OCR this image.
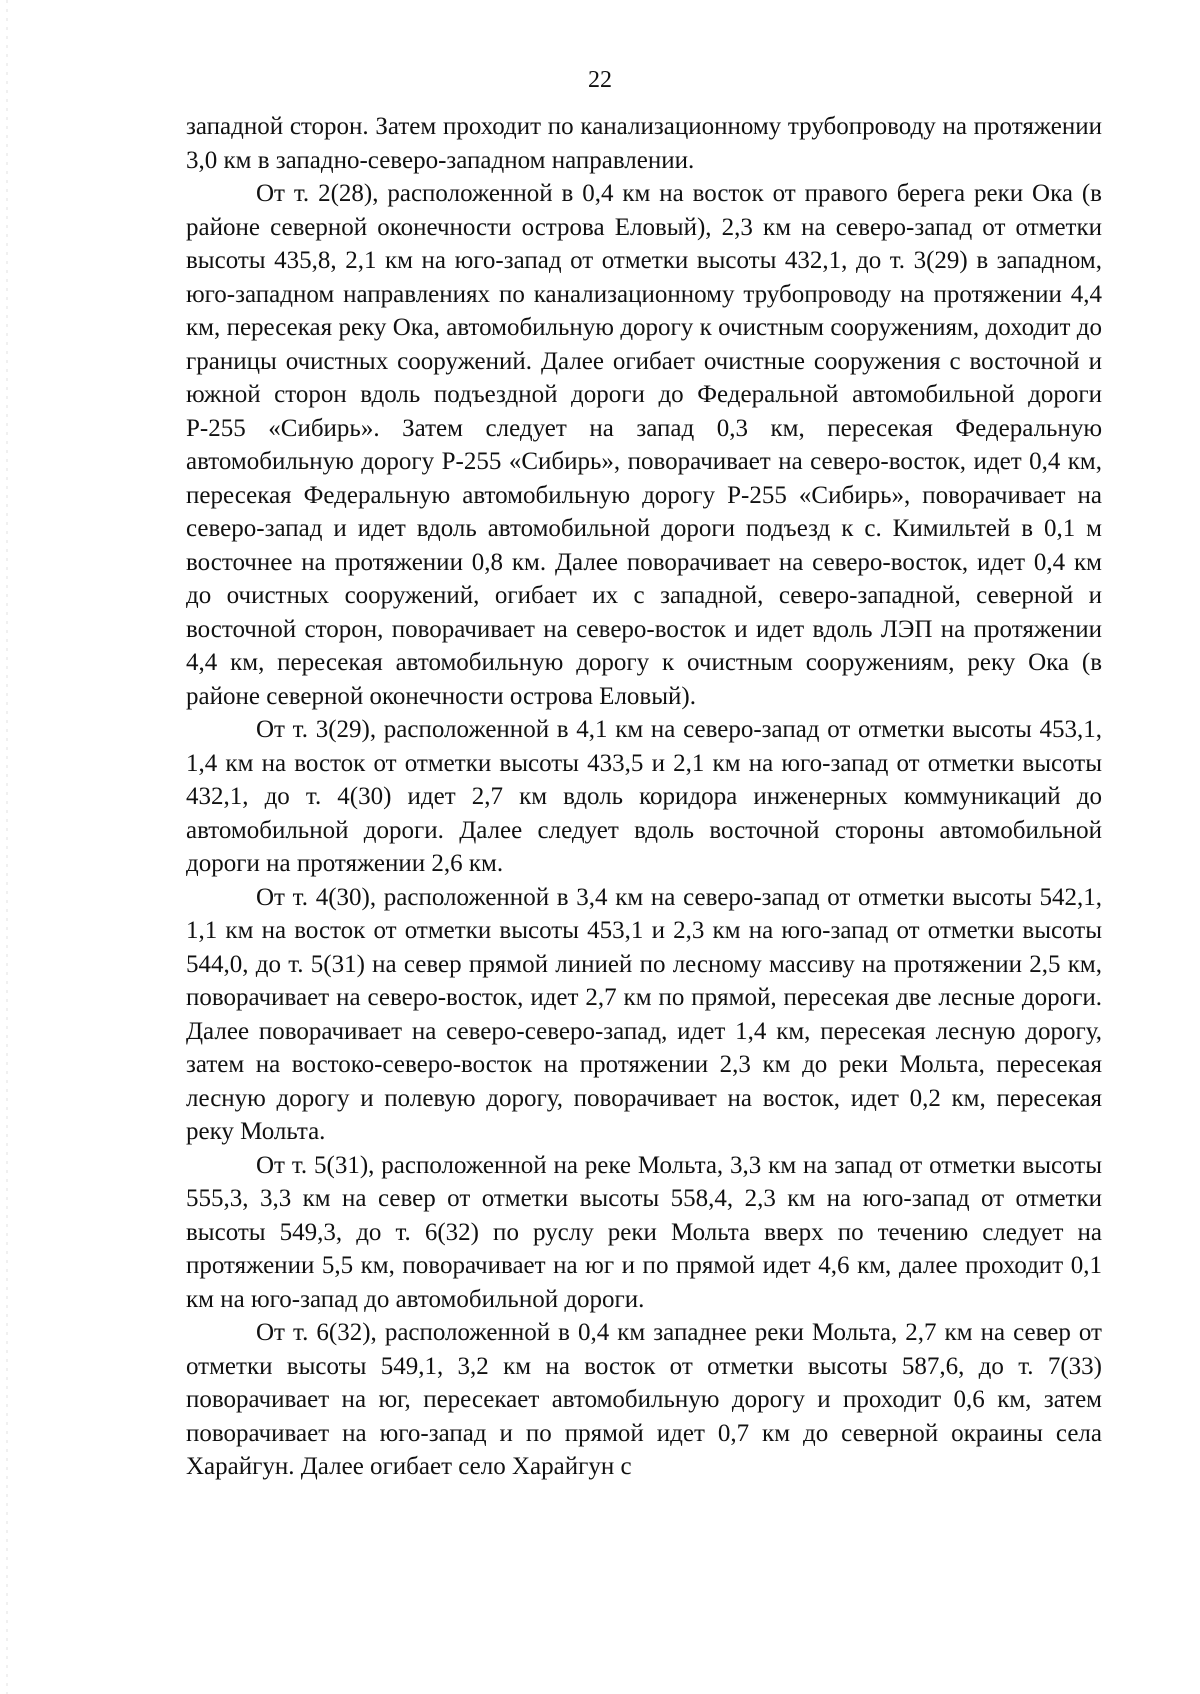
22

западной сторон. Затем проходит по канализационному трубопроводу на протяжении 3,0 км в западно-северо-западном направлении.

От т. 2(28), расположенной в 0,4 км на восток от правого берега реки Ока (в районе северной оконечности острова Еловый), 2,3 км на северо-запад от отметки высоты 435,8, 2,1 км на юго-запад от отметки высоты 432,1, до т. 3(29) в западном, юго-западном направлениях по канализационному трубопроводу на протяжении 4,4 км, пересекая реку Ока, автомобильную дорогу к очистным сооружениям, доходит до границы очистных сооружений. Далее огибает очистные сооружения с восточной и южной сторон вдоль подъездной дороги до Федеральной автомобильной дороги Р-255 «Сибирь». Затем следует на запад 0,3 км, пересекая Федеральную автомобильную дорогу Р-255 «Сибирь», поворачивает на северо-восток, идет 0,4 км, пересекая Федеральную автомобильную дорогу Р-255 «Сибирь», поворачивает на северо-запад и идет вдоль автомобильной дороги подъезд к с. Кимильтей в 0,1 м восточнее на протяжении 0,8 км. Далее поворачивает на северо-восток, идет 0,4 км до очистных сооружений, огибает их с западной, северо-западной, северной и восточной сторон, поворачивает на северо-восток и идет вдоль ЛЭП на протяжении 4,4 км, пересекая автомобильную дорогу к очистным сооружениям, реку Ока (в районе северной оконечности острова Еловый).

От т. 3(29), расположенной в 4,1 км на северо-запад от отметки высоты 453,1, 1,4 км на восток от отметки высоты 433,5 и 2,1 км на юго-запад от отметки высоты 432,1, до т. 4(30) идет 2,7 км вдоль коридора инженерных коммуникаций до автомобильной дороги. Далее следует вдоль восточной стороны автомобильной дороги на протяжении 2,6 км.

От т. 4(30), расположенной в 3,4 км на северо-запад от отметки высоты 542,1, 1,1 км на восток от отметки высоты 453,1 и 2,3 км на юго-запад от отметки высоты 544,0, до т. 5(31) на север прямой линией по лесному массиву на протяжении 2,5 км, поворачивает на северо-восток, идет 2,7 км по прямой, пересекая две лесные дороги. Далее поворачивает на северо-северо-запад, идет 1,4 км, пересекая лесную дорогу, затем на востоко-северо-восток на протяжении 2,3 км до реки Мольта, пересекая лесную дорогу и полевую дорогу, поворачивает на восток, идет 0,2 км, пересекая реку Мольта.

От т. 5(31), расположенной на реке Мольта, 3,3 км на запад от отметки высоты 555,3, 3,3 км на север от отметки высоты 558,4, 2,3 км на юго-запад от отметки высоты 549,3, до т. 6(32) по руслу реки Мольта вверх по течению следует на протяжении 5,5 км, поворачивает на юг и по прямой идет 4,6 км, далее проходит 0,1 км на юго-запад до автомобильной дороги.

От т. 6(32), расположенной в 0,4 км западнее реки Мольта, 2,7 км на север от отметки высоты 549,1, 3,2 км на восток от отметки высоты 587,6, до т. 7(33) поворачивает на юг, пересекает автомобильную дорогу и проходит 0,6 км, затем поворачивает на юго-запад и по прямой идет 0,7 км до северной окраины села Харайгун. Далее огибает село Харайгун с
